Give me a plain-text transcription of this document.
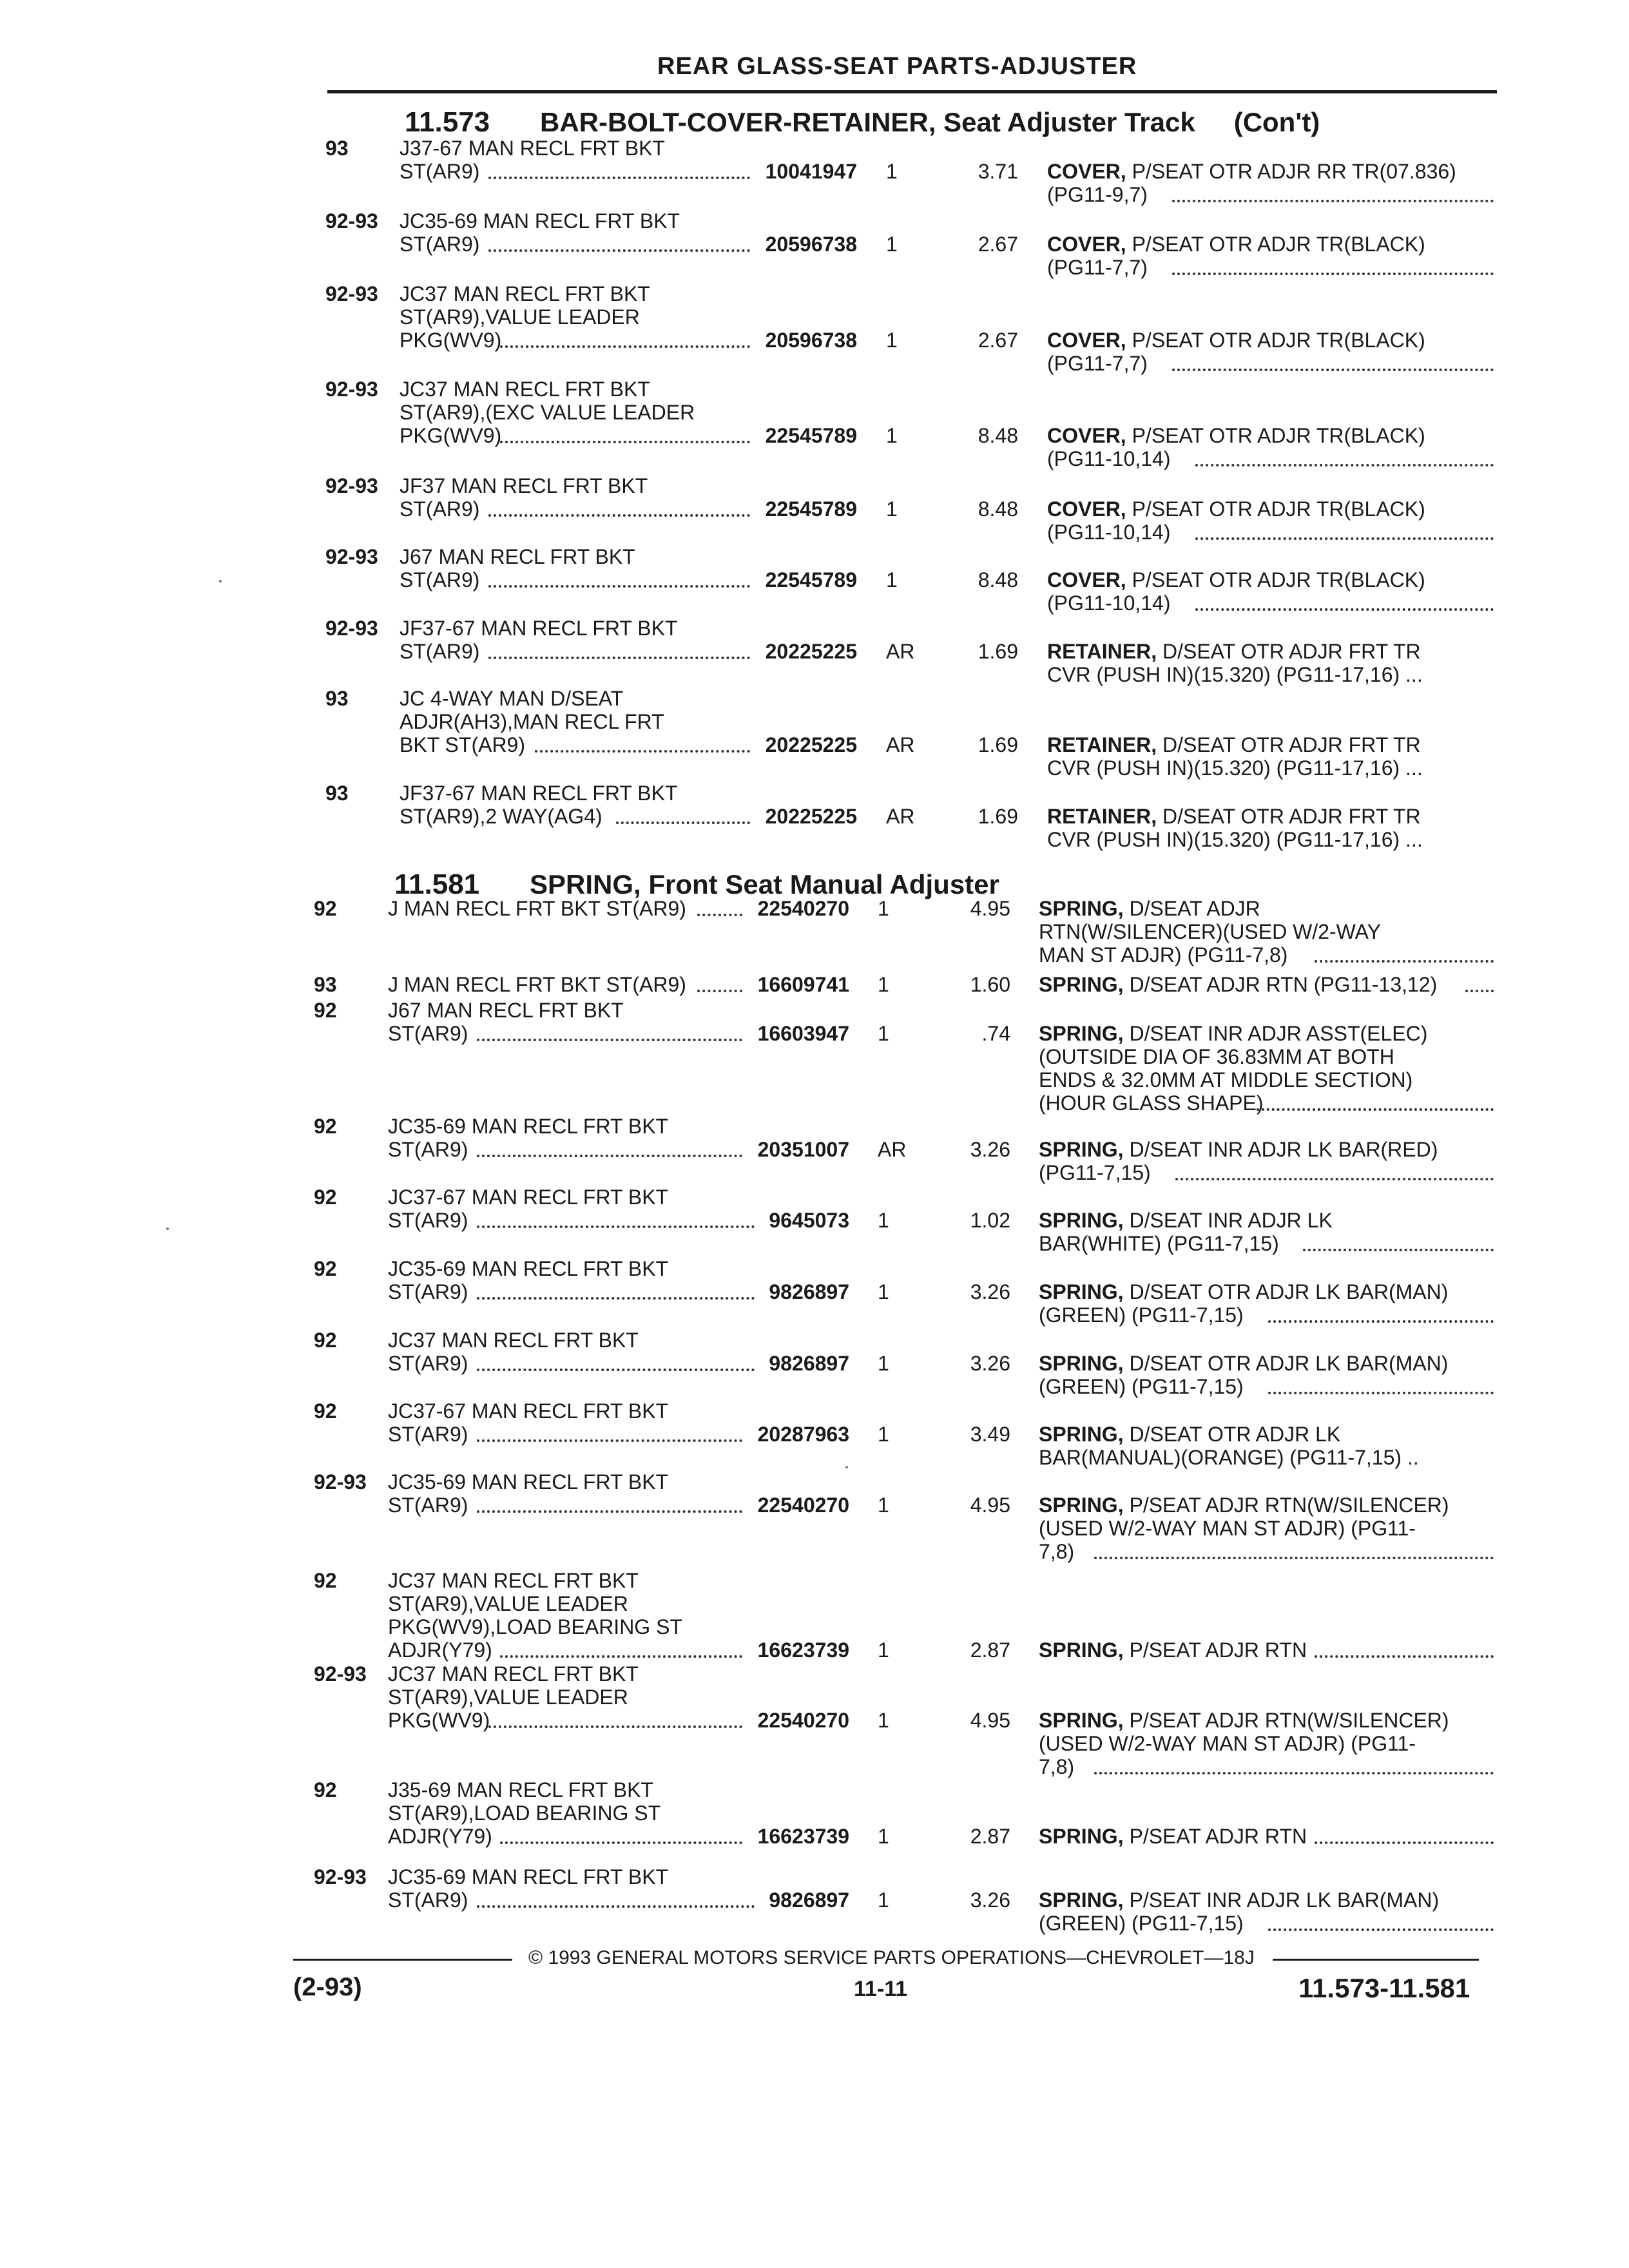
REAR GLASS-SEAT PARTS-ADJUSTER
11.573 BAR-BOLT-COVER-RETAINER, Seat Adjuster Track (Con't)
93	J37-67 MAN RECL FRT BKT
ST(AR9)	10041947 1	3.71 COVER, P/SEAT OTR ADJR RR TR(07.836)
(PG11-9,7)
92-93	JC35-69 MAN RECL FRT BKT
ST(AR9)	20596738 1	2.67 COVER, P/SEAT OTR ADJR TR(BLACK)
(PG11-7,7)
92-93	JC37 MAN RECL FRT BKT
ST(AR9),VALUE LEADER
PKG(WV9)	20596738 1	2.67 COVER, P/SEAT OTR ADJR TR(BLACK)
(PG11-7,7)
92-93	JC37 MAN RECL FRT BKT
ST(AR9),(EXC VALUE LEADER
PKG(WV9)	22545789 1	8.48 COVER, P/SEAT OTR ADJR TR(BLACK)
(PG11-10,14)
92-93	JF37 MAN RECL FRT BKT
ST(AR9)	22545789 1	8.48 COVER, P/SEAT OTR ADJR TR(BLACK)
(PG11-10,14)
92-93	J67 MAN RECL FRT BKT
ST(AR9)	22545789 1	8.48 COVER, P/SEAT OTR ADJR TR(BLACK)
(PG11-10,14)
92-93	JF37-67 MAN RECL FRT BKT
ST(AR9)	20225225 AR	1.69 RETAINER, D/SEAT OTR ADJR FRT TR
CVR (PUSH IN)(15.320) (PG11-17,16) ...
93	JC 4-WAY MAN D/SEAT
ADJR(AH3),MAN RECL FRT
BKT ST(AR9)	20225225 AR	1.69 RETAINER, D/SEAT OTR ADJR FRT TR
CVR (PUSH IN)(15.320) (PG11-17,16) ...
93	JF37-67 MAN RECL FRT BKT
ST(AR9),2 WAY(AG4)	20225225 AR	1.69 RETAINER, D/SEAT OTR ADJR FRT TR
CVR (PUSH IN)(15.320) (PG11-17,16) ...
11.581 SPRING, Front Seat Manual Adjuster
92	J MAN RECL FRT BKT ST(AR9)	22540270 1	4.95 SPRING, D/SEAT ADJR
RTN(W/SILENCER)(USED W/2-WAY
MAN ST ADJR) (PG11-7,8)
93	J MAN RECL FRT BKT ST(AR9)	16609741 1	1.60 SPRING, D/SEAT ADJR RTN (PG11-13,12)
92	J67 MAN RECL FRT BKT
ST(AR9)	16603947 1	.74 SPRING, D/SEAT INR ADJR ASST(ELEC)
(OUTSIDE DIA OF 36.83MM AT BOTH
ENDS & 32.0MM AT MIDDLE SECTION)
(HOUR GLASS SHAPE)
92	JC35-69 MAN RECL FRT BKT
ST(AR9)	20351007 AR	3.26 SPRING, D/SEAT INR ADJR LK BAR(RED)
(PG11-7,15)
92	JC37-67 MAN RECL FRT BKT
ST(AR9)	9645073 1	1.02 SPRING, D/SEAT INR ADJR LK
BAR(WHITE) (PG11-7,15)
92	JC35-69 MAN RECL FRT BKT
ST(AR9)	9826897 1	3.26 SPRING, D/SEAT OTR ADJR LK BAR(MAN)
(GREEN) (PG11-7,15)
92	JC37 MAN RECL FRT BKT
ST(AR9)	9826897 1	3.26 SPRING, D/SEAT OTR ADJR LK BAR(MAN)
(GREEN) (PG11-7,15)
92	JC37-67 MAN RECL FRT BKT
ST(AR9)	20287963 1	3.49 SPRING, D/SEAT OTR ADJR LK
BAR(MANUAL)(ORANGE) (PG11-7,15) ..
92-93	JC35-69 MAN RECL FRT BKT
ST(AR9)	22540270 1	4.95 SPRING, P/SEAT ADJR RTN(W/SILENCER)
(USED W/2-WAY MAN ST ADJR) (PG11-
7,8)
92	JC37 MAN RECL FRT BKT
ST(AR9),VALUE LEADER
PKG(WV9),LOAD BEARING ST
ADJR(Y79)	16623739 1	2.87 SPRING, P/SEAT ADJR RTN
92-93	JC37 MAN RECL FRT BKT
ST(AR9),VALUE LEADER
PKG(WV9)	22540270 1	4.95 SPRING, P/SEAT ADJR RTN(W/SILENCER)
(USED W/2-WAY MAN ST ADJR) (PG11-
7,8)
92	J35-69 MAN RECL FRT BKT
ST(AR9),LOAD BEARING ST
ADJR(Y79)	16623739 1	2.87 SPRING, P/SEAT ADJR RTN
92-93	JC35-69 MAN RECL FRT BKT
ST(AR9)	9826897 1	3.26 SPRING, P/SEAT INR ADJR LK BAR(MAN)
(GREEN) (PG11-7,15)
© 1993 GENERAL MOTORS SERVICE PARTS OPERATIONS—CHEVROLET—18J
(2-93)	11-11	11.573-11.581
